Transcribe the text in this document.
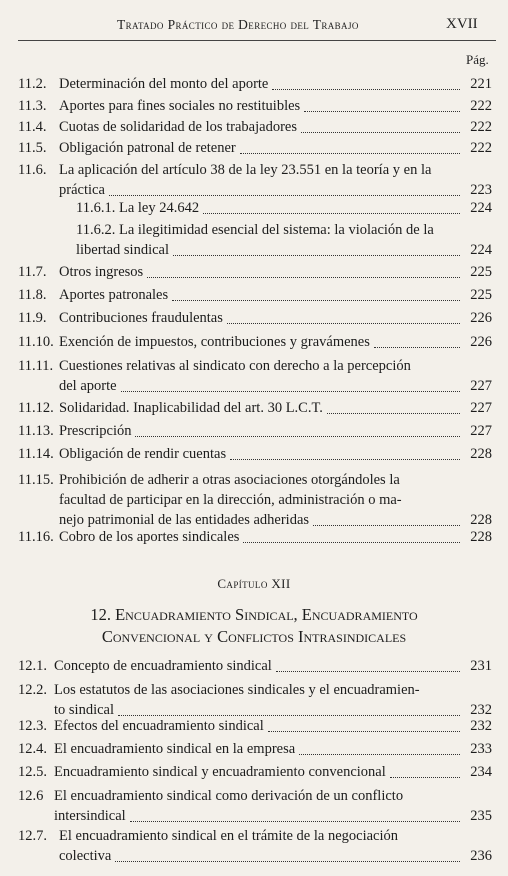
Tratado Práctico de Derecho del Trabajo	XVII
Pág.
11.2. Determinación del monto del aporte	221
11.3. Aportes para fines sociales no restituibles	222
11.4. Cuotas de solidaridad de los trabajadores	222
11.5. Obligación patronal de retener	222
11.6. La aplicación del artículo 38 de la ley 23.551 en la teoría y en la
práctica	223
11.6.1. La ley 24.642	224
11.6.2. La ilegitimidad esencial del sistema: la violación de la
libertad sindical	224
11.7. Otros ingresos	225
11.8. Aportes patronales	225
11.9. Contribuciones fraudulentas	226
11.10. Exención de impuestos, contribuciones y gravámenes	226
11.11. Cuestiones relativas al sindicato con derecho a la percepción
del aporte	227
11.12. Solidaridad. Inaplicabilidad del art. 30 L.C.T.	227
11.13. Prescripción	227
11.14. Obligación de rendir cuentas	228
11.15. Prohibición de adherir a otras asociaciones otorgándoles la
facultad de participar en la dirección, administración o ma-
nejo patrimonial de las entidades adheridas	228
11.16. Cobro de los aportes sindicales	228
Capítulo XII
12. Encuadramiento Sindical, Encuadramiento
Convencional y Conflictos Intrasindicales
12.1. Concepto de encuadramiento sindical	231
12.2. Los estatutos de las asociaciones sindicales y el encuadramien-
to sindical	232
12.3. Efectos del encuadramiento sindical	232
12.4. El encuadramiento sindical en la empresa	233
12.5. Encuadramiento sindical y encuadramiento convencional	234
12.6 El encuadramiento sindical como derivación de un conflicto
intersindical	235
12.7. El encuadramiento sindical en el trámite de la negociación
colectiva	236
